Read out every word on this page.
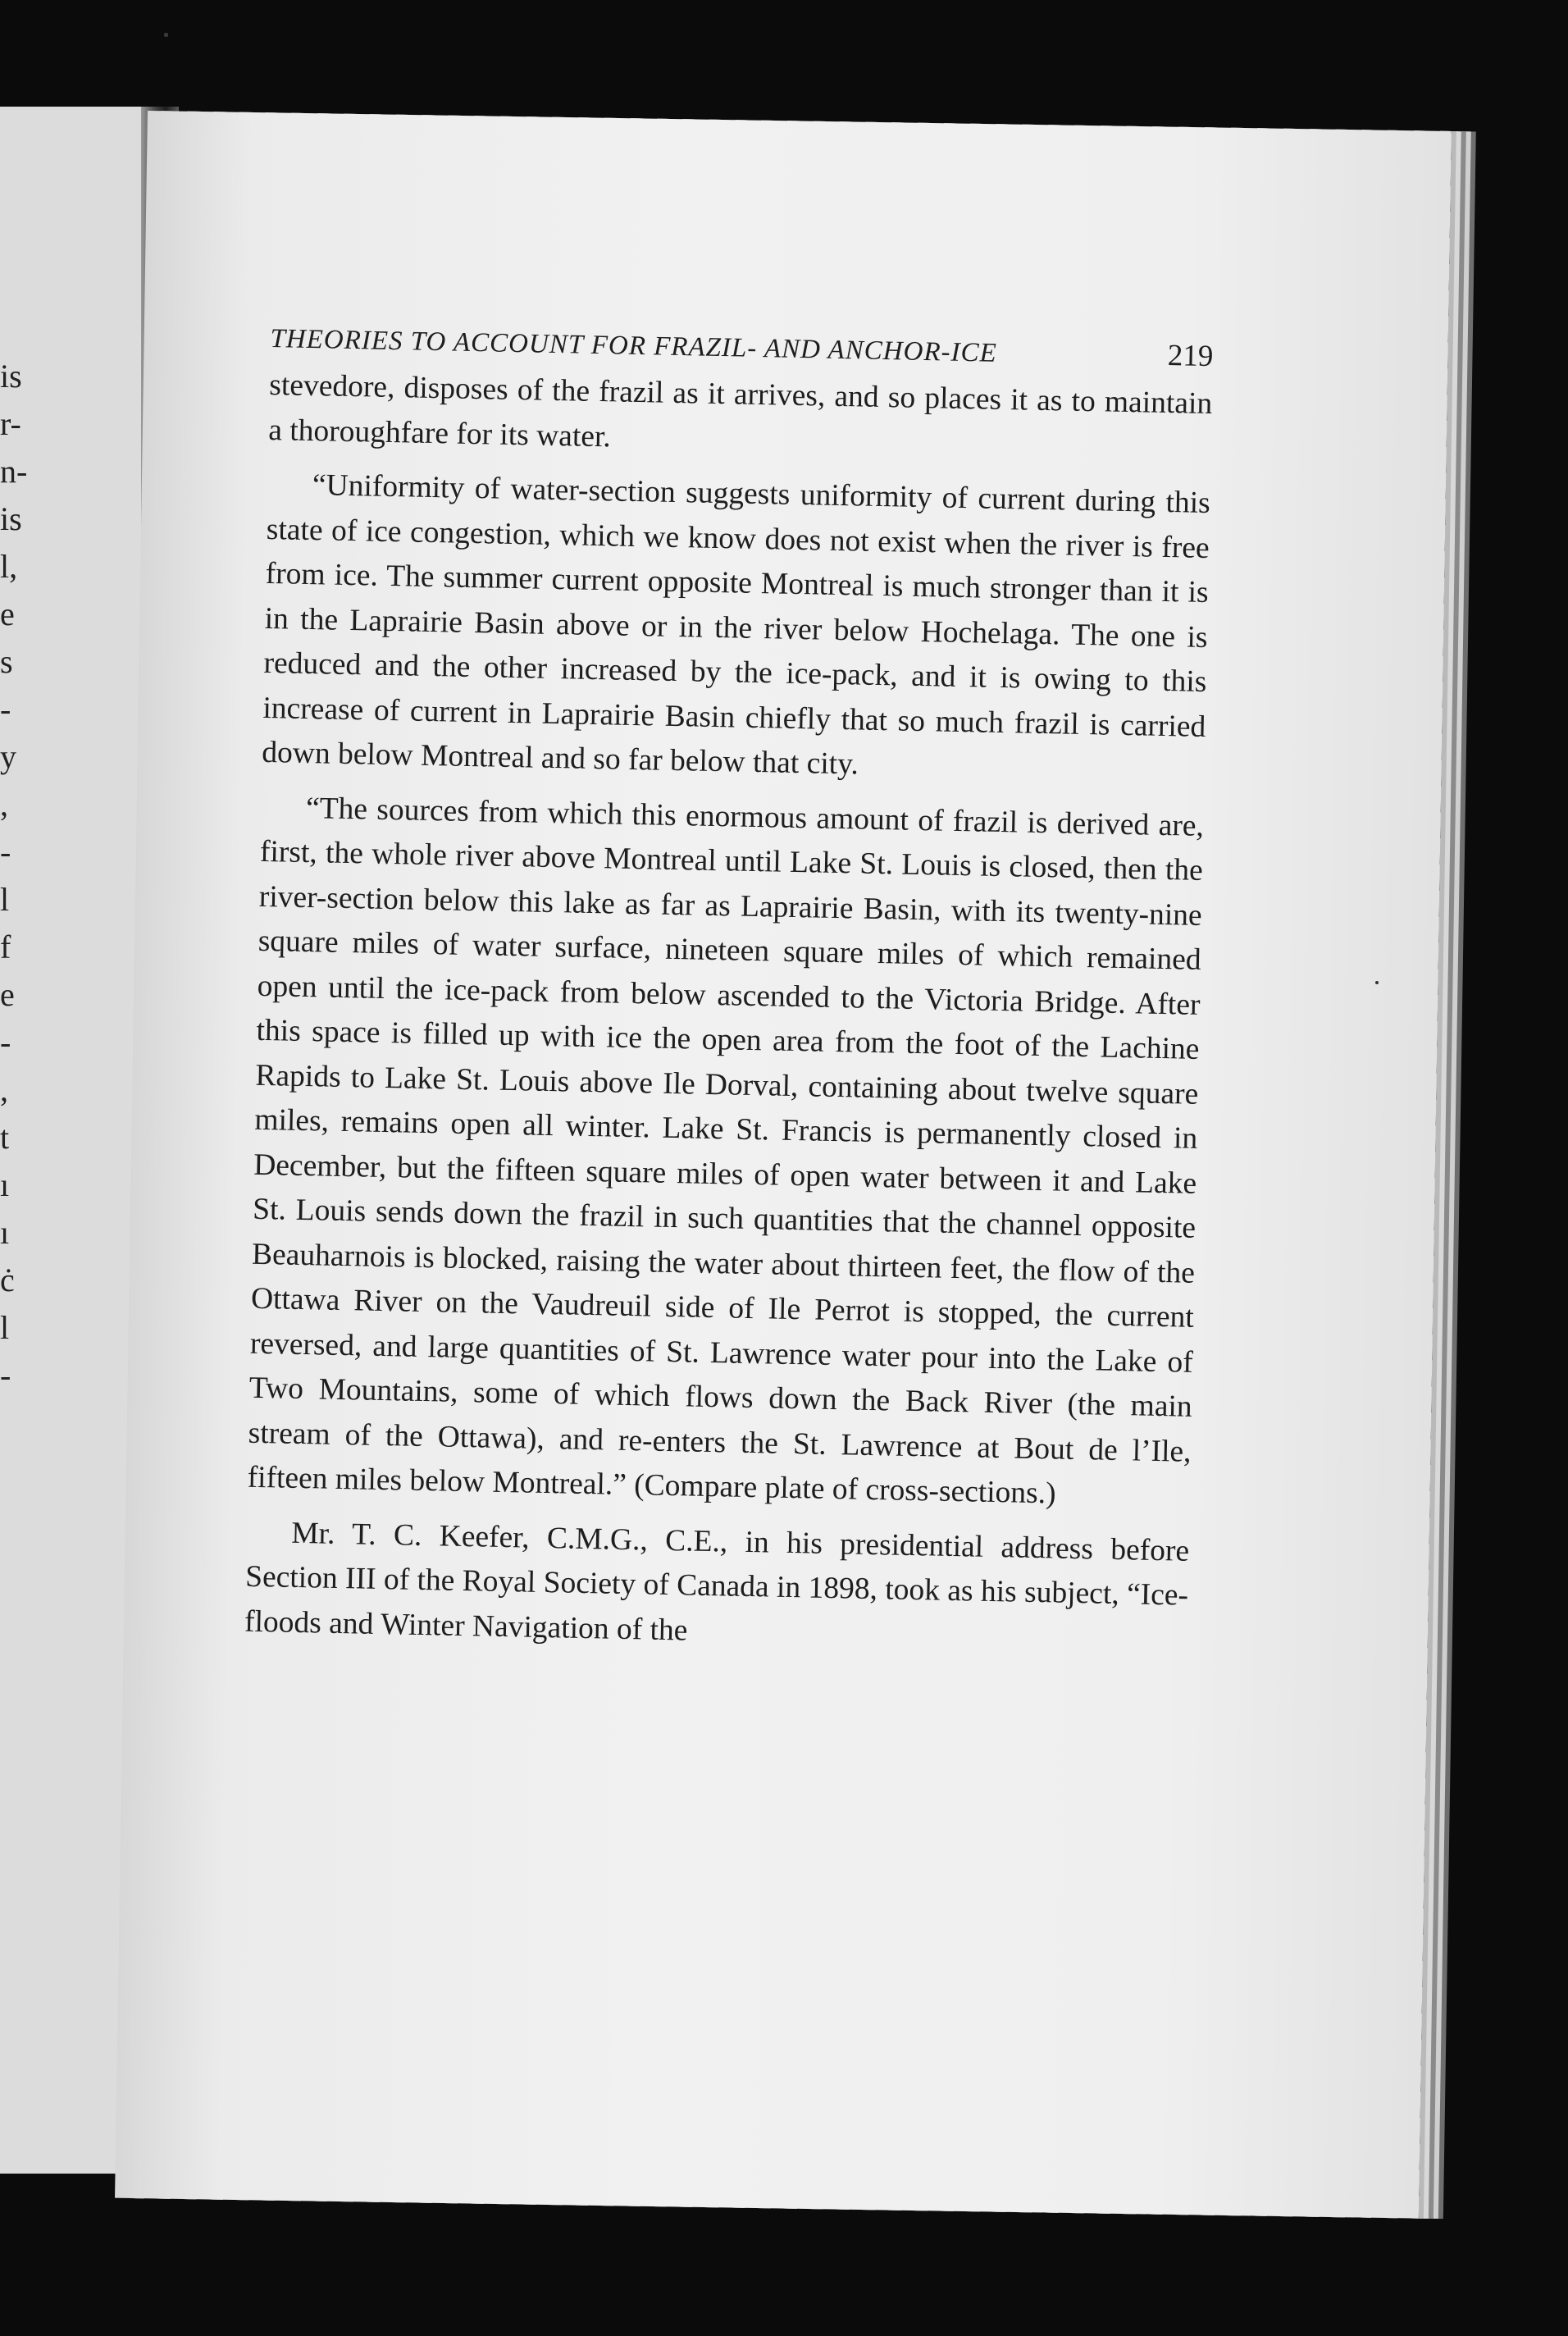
is
r-
n-
is
l,
e
s
-
y
,
-
l
f
e
-
,
t
ı
ı
ċ
l
-
THEORIES TO ACCOUNT FOR FRAZIL- AND ANCHOR-ICE	219

stevedore, disposes of the frazil as it arrives, and so places it as to maintain a thoroughfare for its water.

“Uniformity of water-section suggests uniformity of current during this state of ice congestion, which we know does not exist when the river is free from ice. The summer current opposite Montreal is much stronger than it is in the Laprairie Basin above or in the river below Hochelaga. The one is reduced and the other increased by the ice-pack, and it is owing to this increase of current in Laprairie Basin chiefly that so much frazil is carried down below Montreal and so far below that city.

“The sources from which this enormous amount of frazil is derived are, first, the whole river above Montreal until Lake St. Louis is closed, then the river-section below this lake as far as Laprairie Basin, with its twenty-nine square miles of water surface, nineteen square miles of which remained open until the ice-pack from below ascended to the Victoria Bridge. After this space is filled up with ice the open area from the foot of the Lachine Rapids to Lake St. Louis above Ile Dorval, containing about twelve square miles, remains open all winter. Lake St. Francis is permanently closed in December, but the fifteen square miles of open water between it and Lake St. Louis sends down the frazil in such quantities that the channel opposite Beauharnois is blocked, raising the water about thirteen feet, the flow of the Ottawa River on the Vaudreuil side of Ile Perrot is stopped, the current reversed, and large quantities of St. Lawrence water pour into the Lake of Two Mountains, some of which flows down the Back River (the main stream of the Ottawa), and re-enters the St. Lawrence at Bout de l’Ile, fifteen miles below Montreal.” (Compare plate of cross-sections.)

Mr. T. C. Keefer, C.M.G., C.E., in his presidential address before Section III of the Royal Society of Canada in 1898, took as his subject, “Ice-floods and Winter Navigation of the
